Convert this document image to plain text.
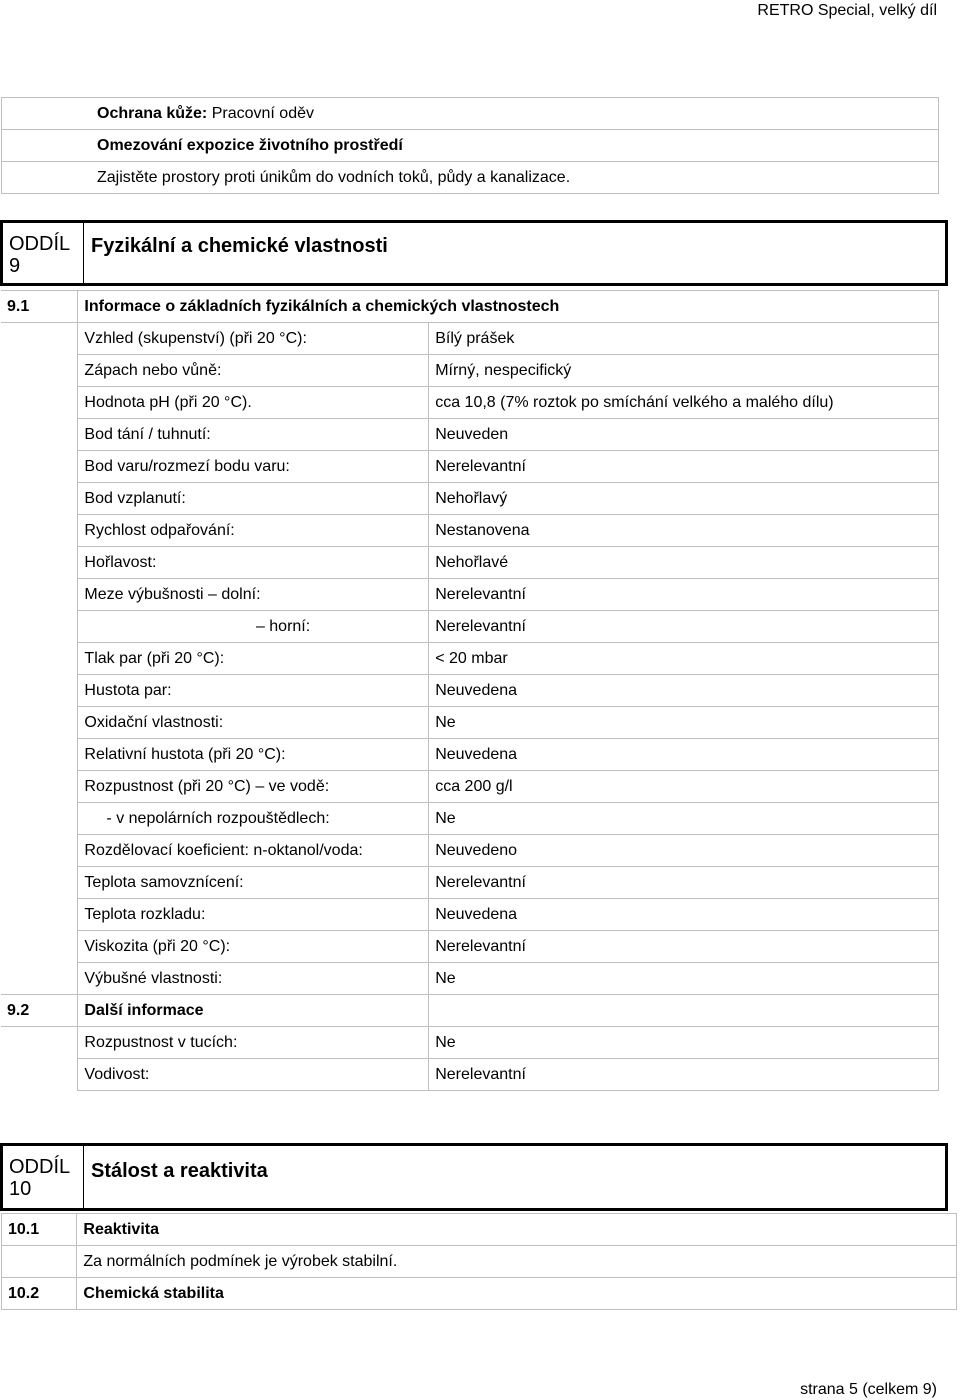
RETRO Special, velký díl
Ochrana kůže: Pracovní oděv
Omezování expozice životního prostředí
Zajistěte prostory proti únikům do vodních toků, půdy a kanalizace.
ODDÍL 9
Fyzikální a chemické vlastnosti
9.1	Informace o základních fyzikálních a chemických vlastnostech	
	Vzhled (skupenství) (při 20 °C):	Bílý prášek
	Zápach nebo vůně:	Mírný, nespecifický
	Hodnota pH (při 20 °C).	cca 10,8 (7% roztok po smíchání velkého a malého dílu)
	Bod tání / tuhnutí:	Neuveden
	Bod varu/rozmezí bodu varu:	Nerelevantní
	Bod vzplanutí:	Nehořlavý
	Rychlost odpařování:	Nestanovena
	Hořlavost:	Nehořlavé
	Meze výbušnosti – dolní:	Nerelevantní
	– horní:	Nerelevantní
	Tlak par (při 20 °C):	< 20 mbar
	Hustota par:	Neuvedena
	Oxidační vlastnosti:	Ne
	Relativní hustota (při 20 °C):	Neuvedena
	Rozpustnost (při 20 °C) – ve vodě:	cca 200 g/l
	- v nepolárních rozpouštědlech:	Ne
	Rozdělovací koeficient: n-oktanol/voda:	Neuvedeno
	Teplota samovznícení:	Nerelevantní
	Teplota rozkladu:	Neuvedena
	Viskozita (při 20 °C):	Nerelevantní
	Výbušné vlastnosti:	Ne
9.2	Další informace	
	Rozpustnost v tucích:	Ne
	Vodivost:	Nerelevantní
ODDÍL 10
Stálost a reaktivita
10.1	Reaktivita
	Za normálních podmínek je výrobek stabilní.
10.2	Chemická stabilita
strana 5 (celkem 9)
